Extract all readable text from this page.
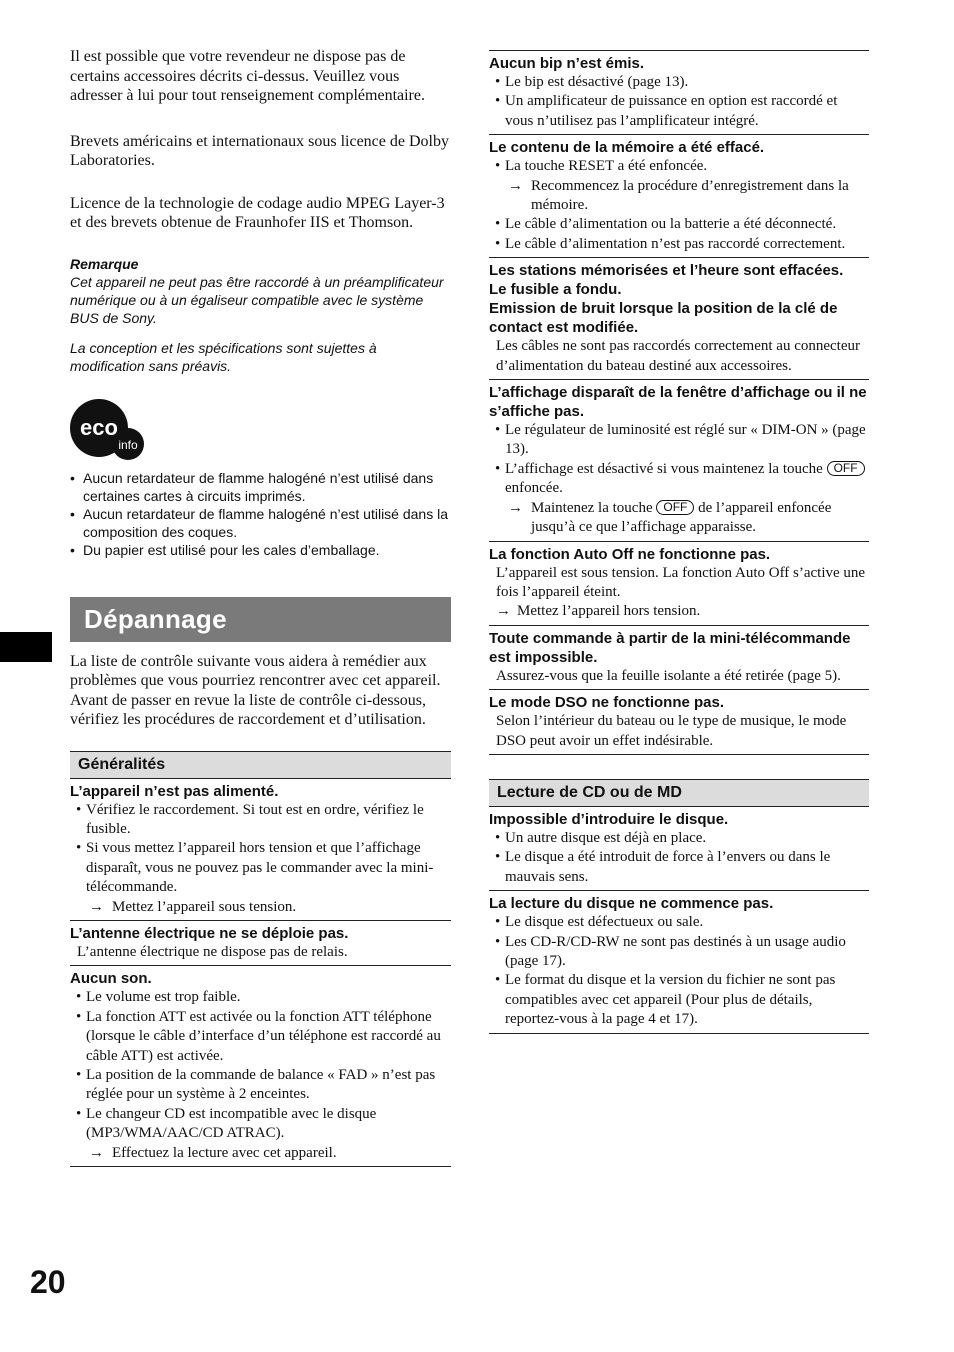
Il est possible que votre revendeur ne dispose pas de certains accessoires décrits ci-dessus. Veuillez vous adresser à lui pour tout renseignement complémentaire.

Brevets américains et internationaux sous licence de Dolby Laboratories.

Licence de la technologie de codage audio MPEG Layer-3 et des brevets obtenue de Fraunhofer IIS et Thomson.

Remarque
Cet appareil ne peut pas être raccordé à un préamplificateur numérique ou à un égaliseur compatible avec le système BUS de Sony.
La conception et les spécifications sont sujettes à modification sans préavis.
eco
info
• Aucun retardateur de flamme halogéné n’est utilisé dans certaines cartes à circuits imprimés.
• Aucun retardateur de flamme halogéné n’est utilisé dans la composition des coques.
• Du papier est utilisé pour les cales d’emballage.
Dépannage

La liste de contrôle suivante vous aidera à remédier aux problèmes que vous pourriez rencontrer avec cet appareil.

Avant de passer en revue la liste de contrôle ci-dessous, vérifiez les procédures de raccordement et d’utilisation.

Généralités
L’appareil n’est pas alimenté.
• Vérifiez le raccordement. Si tout est en ordre, vérifiez le fusible.
• Si vous mettez l’appareil hors tension et que l’affichage disparaît, vous ne pouvez pas le commander avec la mini-télécommande.
→ Mettez l’appareil sous tension.
L’antenne électrique ne se déploie pas.
L’antenne électrique ne dispose pas de relais.
Aucun son.
• Le volume est trop faible.
• La fonction ATT est activée ou la fonction ATT téléphone (lorsque le câble d’interface d’un téléphone est raccordé au câble ATT) est activée.
• La position de la commande de balance « FAD » n’est pas réglée pour un système à 2 enceintes.
• Le changeur CD est incompatible avec le disque (MP3/WMA/AAC/CD ATRAC).
→ Effectuez la lecture avec cet appareil.
Aucun bip n’est émis.
• Le bip est désactivé (page 13).
• Un amplificateur de puissance en option est raccordé et vous n’utilisez pas l’amplificateur intégré.
Le contenu de la mémoire a été effacé.
• La touche RESET a été enfoncée.
→ Recommencez la procédure d’enregistrement dans la mémoire.
• Le câble d’alimentation ou la batterie a été déconnecté.
• Le câble d’alimentation n’est pas raccordé correctement.
Les stations mémorisées et l’heure sont effacées.
Le fusible a fondu.
Emission de bruit lorsque la position de la clé de contact est modifiée.
Les câbles ne sont pas raccordés correctement au connecteur d’alimentation du bateau destiné aux accessoires.
L’affichage disparaît de la fenêtre d’affichage ou il ne s’affiche pas.
• Le régulateur de luminosité est réglé sur « DIM-ON » (page 13).
• L’affichage est désactivé si vous maintenez la touche OFF enfoncée.
→ Maintenez la touche OFF de l’appareil enfoncée jusqu’à ce que l’affichage apparaisse.
La fonction Auto Off ne fonctionne pas.
L’appareil est sous tension. La fonction Auto Off s’active une fois l’appareil éteint.
→ Mettez l’appareil hors tension.
Toute commande à partir de la mini-télécommande est impossible.
Assurez-vous que la feuille isolante a été retirée (page 5).
Le mode DSO ne fonctionne pas.
Selon l’intérieur du bateau ou le type de musique, le mode DSO peut avoir un effet indésirable.
Lecture de CD ou de MD
Impossible d’introduire le disque.
• Un autre disque est déjà en place.
• Le disque a été introduit de force à l’envers ou dans le mauvais sens.
La lecture du disque ne commence pas.
• Le disque est défectueux ou sale.
• Les CD-R/CD-RW ne sont pas destinés à un usage audio (page 17).
• Le format du disque et la version du fichier ne sont pas compatibles avec cet appareil (Pour plus de détails, reportez-vous à la page 4 et 17).
20
